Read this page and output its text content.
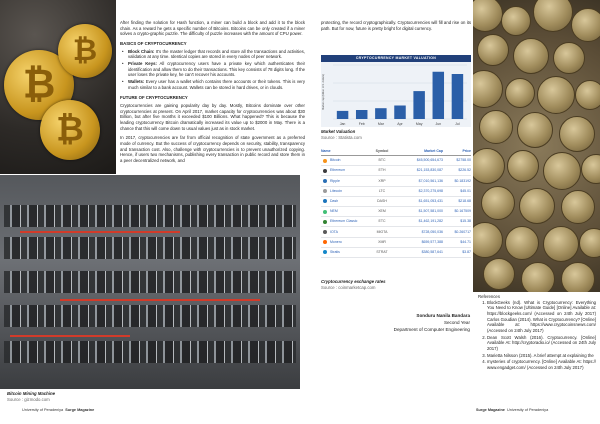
₿
₿
₿
Bitcoin Mining Machine
Source : gizmodo.com

After finding the solution for Hash function, a miner can build a block and add it to the block chain. As a reward he gets a specific number of Bitcoins. Bitcoins can be only created if a miner solves a crypto-graphic puzzle. The difficulty of puzzle increases with the amount of CPU power.

BASICS OF CRYPTOCURRENCY
• Block Chain: It's the master ledger that records and store all the transactions and activities, validation at any time. Identical copies are stored in every nodes of peer network.
• Private Keys: All cryptocurrency users have a private key which authenticates their identification and allow them to do their transactions. This key consists of 78 digits long. If the user loses the private key, he can't recover his accounts.
• Wallets: Every user has a wallet which contains there accounts or their tokens. This is very much similar to a bank account. Wallets can be stored in hard drives, or in clouds.
FUTURE OF CRYPTOCURRENCY

Cryptocurrencies are gaining popularity day by day. Mostly, Bitcoins dominate over other cryptocurrencies at present. On April 2017, market capacity for cryptocurrencies was about $30 Billion, but after five months it exceeded $100 Billions. What happened? This is because the leading cryptocurrency Bitcoin dramatically increased its value up to $2000 in May. There is a chance that this will come down to usual values just as in stock market.

In 2017, cryptocurrencies are far from official recognition of state government as a preferred mode of currency. But the success of cryptocurrency depends on security, stability, transparency and transaction cost. Also, challenge with cryptocurrencies is to prevent unauthorized copying. Hence, if users two mechanisms, publishing every transaction in public record and store them in a peer decentralized network, and

University of Peradeniya Surge Magazine

protecting, the record cryptographically. Cryptocurrencies will fill and rise on its path. But for now, future is pretty bright for digital currency.

CRYPTOCURRENCY MARKET VALUATION
Jan	Feb	Mar	Apr	May	Jun	Jul
Market cap (billion U.S. dollars)
Market Valuation
Source : Statista.com
Name	Symbol	Market Cap	Price
Bitcoin	BTC	$45,500,654,673	$2758.00
Ethereum	ETH	$21,153,830,087	$226.52
Ripple	XRP	$7,010,561,136	$0.183192
Litecoin	LTC	$2,370,275,698	$45.01
Dash	DASH	$1,651,053,431	$218.68
NEM	XEM	$1,507,581,000	$0.167509
Ethereum Classic	ETC	$1,462,191,282	$15.38
IOTA	MIOTA	$728,050,036	$0.260717
Monero	XMR	$659,577,388	$44.71
Stratis	STRAT	$380,587,641	$3.87
Cryptocurrency exchange rates
Source : coinmarketcap.com
Sonduru Nanila Bandara
Second Year
Department of Computer Engineering
References
1. BlockGeeks (nd). What is Cryptocurrency: Everything You Need to Know [Ultimate Guide] [Online] Available at: https://blockgeeks.com/ (Accessed on 24th July 2017) Carlos Goudian (2014). What is Cryptocurrency? [Online] Available at: https://www.cryptocoinsnews.com/ (Accessed on 24th July 2017)
2. Dean Scott Walsh (2016). Cryptocurrency. [Online] Available At: http://cryptoradio.io/ (Accessed on 24th July 2017)
3. Marietta Nilsson (2015). A brief attempt at explaining the
4. mysteries of cryptocurrency. [Online] Available At: https:// www.engadget.com/ (Accessed on 24th July 2017)
Surge Magazine University of Peradeniya
